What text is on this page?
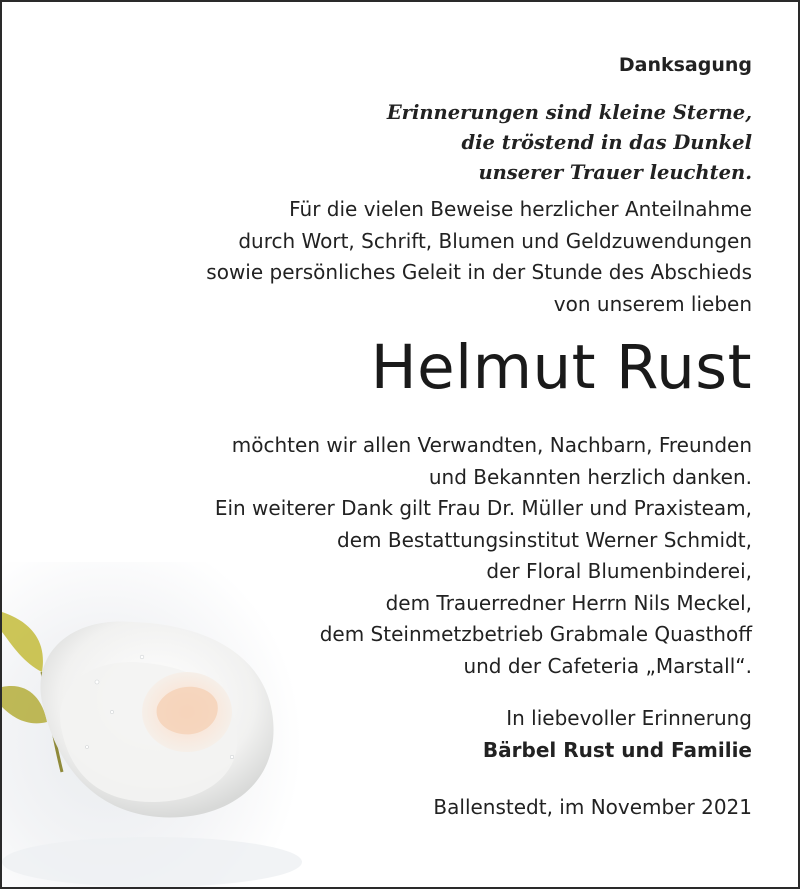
Danksagung
Erinnerungen sind kleine Sterne,
die tröstend in das Dunkel
unserer Trauer leuchten.
Für die vielen Beweise herzlicher Anteilnahme
durch Wort, Schrift, Blumen und Geldzuwendungen
sowie persönliches Geleit in der Stunde des Abschieds
von unserem lieben
Helmut Rust
möchten wir allen Verwandten, Nachbarn, Freunden
und Bekannten herzlich danken.
Ein weiterer Dank gilt Frau Dr. Müller und Praxisteam,
dem Bestattungsinstitut Werner Schmidt,
der Floral Blumenbinderei,
dem Trauerredner Herrn Nils Meckel,
dem Steinmetzbetrieb Grabmale Quasthoff
und der Cafeteria „Marstall“.
In liebevoller Erinnerung
Bärbel Rust und Familie
Ballenstedt, im November 2021
